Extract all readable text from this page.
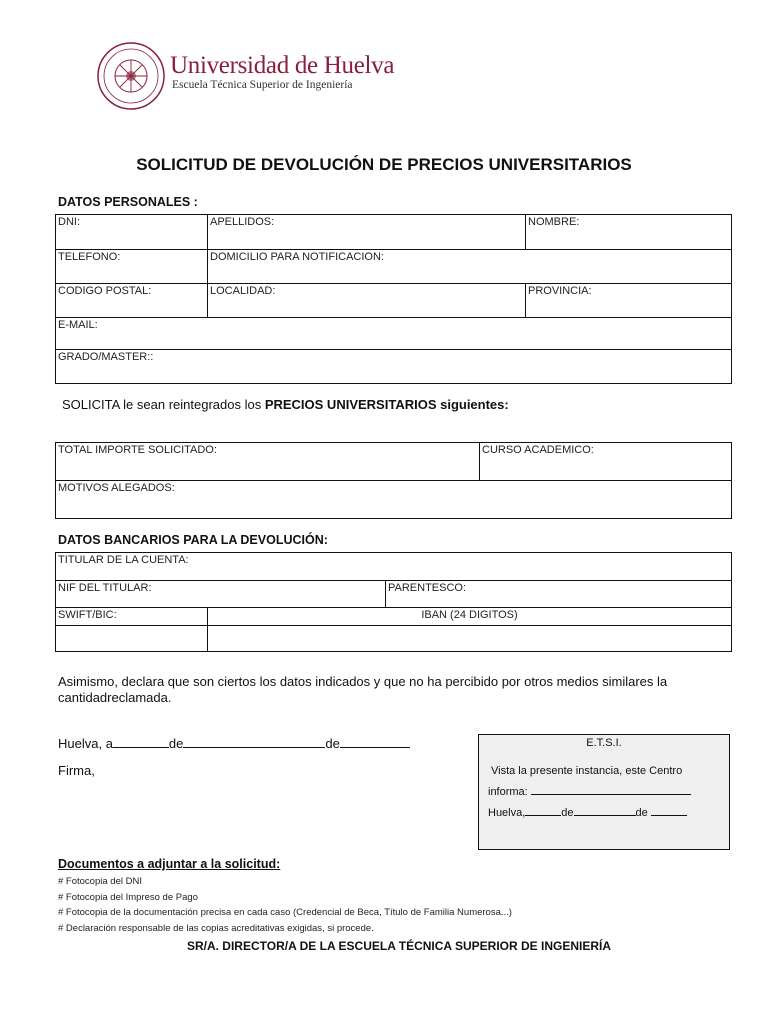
Universidad de Huelva
Escuela Técnica Superior de Ingeniería
SOLICITUD DE DEVOLUCIÓN DE PRECIOS UNIVERSITARIOS
DATOS PERSONALES :
DNI:	APELLIDOS:	NOMBRE:
TELEFONO:	DOMICILIO PARA NOTIFICACION:	
CODIGO POSTAL:	LOCALIDAD:	PROVINCIA:
E-MAIL:		
GRADO/MASTER::		
SOLICITA le sean reintegrados los PRECIOS UNIVERSITARIOS siguientes:
TOTAL IMPORTE SOLICITADO:	CURSO ACADEMICO:
MOTIVOS ALEGADOS:
DATOS BANCARIOS PARA LA DEVOLUCIÓN:
TITULAR DE LA CUENTA:		
NIF DEL TITULAR:		PARENTESCO:
SWIFT/BIC:	IBAN (24 DIGITOS)	

Asimismo, declara que son ciertos los datos indicados y que no ha percibido por otros medios similares la cantidadreclamada.
Huelva, a	de	de
Firma,
E.T.S.I.
Vista la presente instancia, este Centro
informa:
Huelva,	de	de
Documentos a adjuntar a la solicitud:
# Fotocopia del DNI
# Fotocopia del Impreso de Pago
# Fotocopia de la documentación precisa en cada caso (Credencial de Beca, Título de Familia Numerosa...)
# Declaración responsable de las copias acreditativas exigidas, si procede.
SR/A. DIRECTOR/A DE LA ESCUELA TÉCNICA SUPERIOR DE INGENIERÍA
